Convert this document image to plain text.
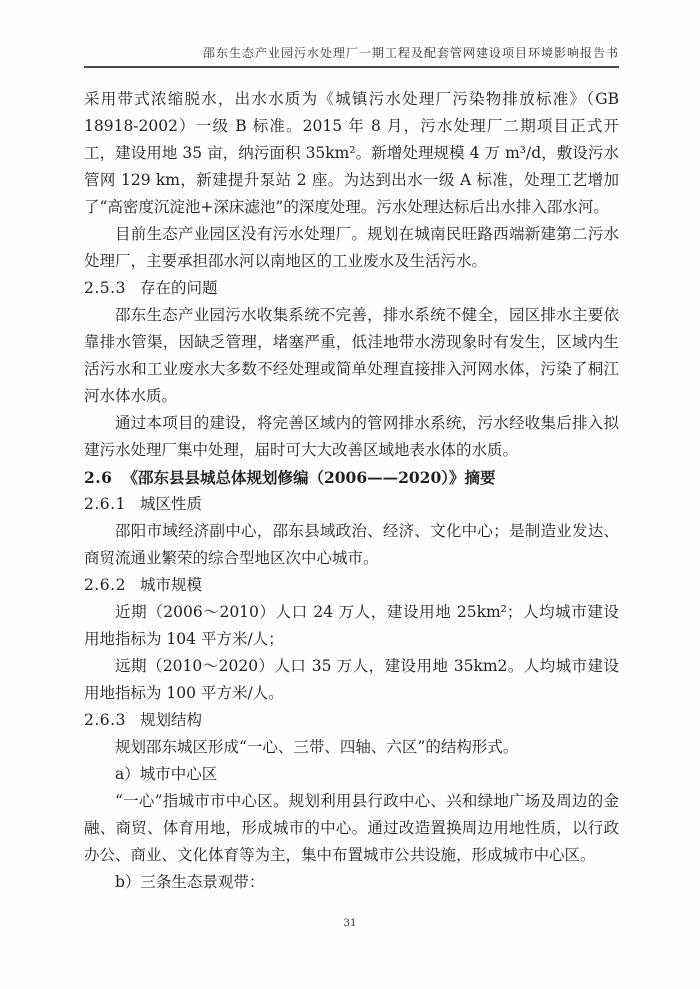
邵东生态产业园污水处理厂一期工程及配套管网建设项目环境影响报告书

采用带式浓缩脱水，出水水质为《城镇污水处理厂污染物排放标准》（GB 18918-2002）一级 B 标准。2015 年 8 月，污水处理厂二期项目正式开工，建设用地 35 亩，纳污面积 35km²。新增处理规模 4 万 m³/d，敷设污水管网 129 km，新建提升泵站 2 座。为达到出水一级 A 标准，处理工艺增加了“高密度沉淀池+深床滤池”的深度处理。污水处理达标后出水排入邵水河。

目前生态产业园区没有污水处理厂。规划在城南民旺路西端新建第二污水处理厂，主要承担邵水河以南地区的工业废水及生活污水。

2.5.3 存在的问题

邵东生态产业园污水收集系统不完善，排水系统不健全，园区排水主要依靠排水管渠，因缺乏管理，堵塞严重，低洼地带水涝现象时有发生，区域内生活污水和工业废水大多数不经处理或简单处理直接排入河网水体，污染了桐江河水体水质。

通过本项目的建设，将完善区域内的管网排水系统，污水经收集后排入拟建污水处理厂集中处理，届时可大大改善区域地表水体的水质。

2.6 《邵东县县城总体规划修编（2006——2020）》摘要
2.6.1 城区性质

邵阳市域经济副中心，邵东县域政治、经济、文化中心；是制造业发达、商贸流通业繁荣的综合型地区次中心城市。

2.6.2 城市规模

近期（2006～2010）人口 24 万人，建设用地 25km²；人均城市建设用地指标为 104 平方米/人；

远期（2010～2020）人口 35 万人，建设用地 35km2。人均城市建设用地指标为 100 平方米/人。

2.6.3 规划结构

规划邵东城区形成“一心、三带、四轴、六区”的结构形式。

a）城市中心区

“一心”指城市市中心区。规划利用县行政中心、兴和绿地广场及周边的金融、商贸、体育用地，形成城市的中心。通过改造置换周边用地性质，以行政办公、商业、文化体育等为主，集中布置城市公共设施，形成城市中心区。

b）三条生态景观带：

31
